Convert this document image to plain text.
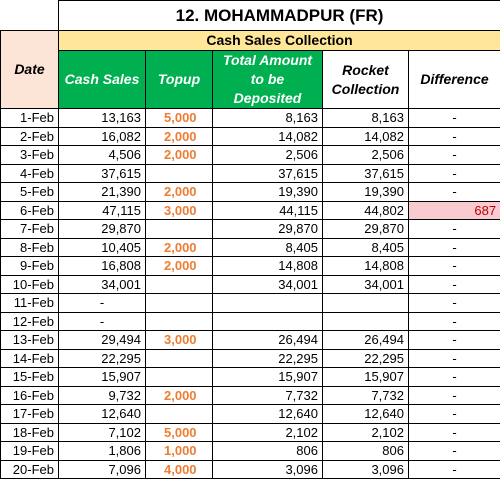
	12. MOHAMMADPUR (FR)				
Date	Cash Sales Collection				
	Cash Sales	Topup	Total Amount to be Deposited	Rocket Collection	Difference
1-Feb	13,163	5,000	8,163	8,163	-
2-Feb	16,082	2,000	14,082	14,082	-
3-Feb	4,506	2,000	2,506	2,506	-
4-Feb	37,615		37,615	37,615	-
5-Feb	21,390	2,000	19,390	19,390	-
6-Feb	47,115	3,000	44,115	44,802	687
7-Feb	29,870		29,870	29,870	-
8-Feb	10,405	2,000	8,405	8,405	-
9-Feb	16,808	2,000	14,808	14,808	-
10-Feb	34,001		34,001	34,001	-
11-Feb	-				-
12-Feb	-				-
13-Feb	29,494	3,000	26,494	26,494	-
14-Feb	22,295		22,295	22,295	-
15-Feb	15,907		15,907	15,907	-
16-Feb	9,732	2,000	7,732	7,732	-
17-Feb	12,640		12,640	12,640	-
18-Feb	7,102	5,000	2,102	2,102	-
19-Feb	1,806	1,000	806	806	-
20-Feb	7,096	4,000	3,096	3,096	-
